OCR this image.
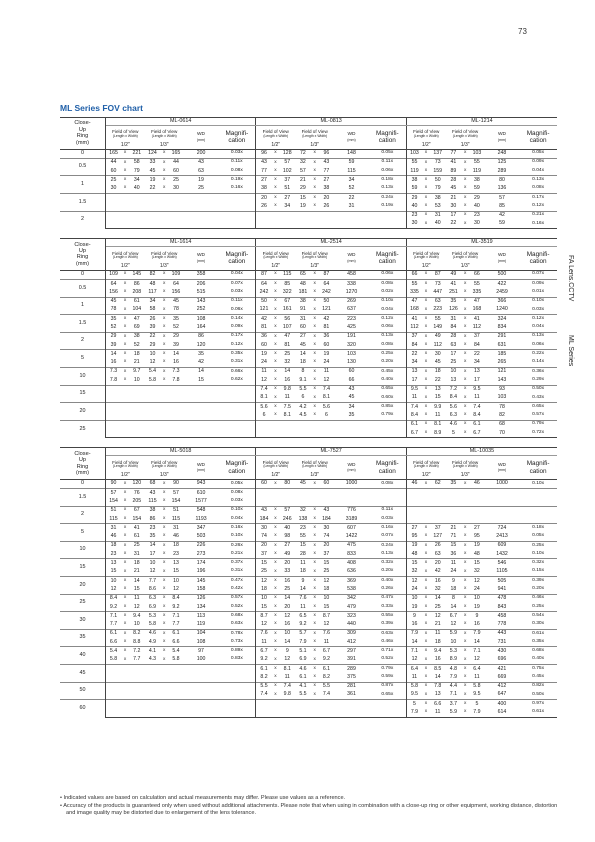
73
ML Series FOV chart
Close-
Up
Ring
(mm)	ML-0614								ML-0813								ML-1214							
	Field of View
(Length x Width)			Field of View
(Length x Width)			WD
(mm)	Magnifi-
cation	Field of View
(Length x Width)			Field of View
(Length x Width)			WD
(mm)	Magnifi-
cation	Field of View
(Length x Width)			Field of View
(Length x Width)			WD
(mm)	Magnifi-
cation
	1/2"			1/3"					1/2"			1/3"					1/2"			1/3"				
0	165	x	221	124	x	165	200	0.03x	96	x	128	72	x	96	148	0.05x	103	x	137	77	x	103	248	0.05x
0.5	44	x	58	33	x	44	43	0.11x	43	x	57	32	x	43	59	0.11x	55	x	73	41	x	55	125	0.09x
	60	x	79	45	x	60	63	0.08x	77	x	102	57	x	77	115	0.06x	119	x	159	89	x	119	289	0.04x
1	25	x	34	19	x	25	19	0.19x	27	x	37	21	x	27	34	0.18x	38	x	50	28	x	38	80	0.13x
	30	x	40	22	x	30	25	0.16x	38	x	51	29	x	38	52	0.13x	59	x	79	45	x	59	136	0.08x
1.5									20	x	27	15	x	20	22	0.24x	29	x	38	21	x	29	57	0.17x
									26	x	34	19	x	26	31	0.19x	40	x	53	30	x	40	85	0.12x
2																	23	x	31	17	x	23	42	0.21x
																	30	x	40	22	x	30	59	0.16x
Close-
Up
Ring
(mm)	ML-1614								ML-2514								ML-3519							
	Field of View
(Length x Width)			Field of View
(Length x Width)			WD
(mm)	Magnifi-
cation	Field of View
(Length x Width)			Field of View
(Length x Width)			WD
(mm)	Magnifi-
cation	Field of View
(Length x Width)			Field of View
(Length x Width)			WD
(mm)	Magnifi-
cation
	1/2"			1/3"					1/2"			1/3"					1/2"			1/3"				
0	109	x	145	82	x	109	358	0.04x	87	x	115	65	x	87	458	0.06x	66	x	87	49	x	66	500	0.07x
0.5	64	x	86	48	x	64	206	0.07x	64	x	85	48	x	64	338	0.08x	55	x	73	41	x	55	422	0.09x
	156	x	208	117	x	156	515	0.03x	242	x	322	181	x	242	1270	0.02x	335	x	447	251	x	335	2459	0.01x
1	45	x	61	34	x	45	143	0.11x	50	x	67	38	x	50	269	0.10x	47	x	63	35	x	47	366	0.10x
	78	x	104	58	x	78	252	0.06x	121	x	161	91	x	121	637	0.04x	168	x	223	126	x	168	1240	0.03x
1.5	35	x	47	26	x	35	108	0.14x	42	x	56	31	x	42	223	0.12x	41	x	55	31	x	41	324	0.12x
	52	x	69	39	x	52	164	0.09x	81	x	107	60	x	81	425	0.06x	112	x	149	84	x	112	834	0.04x
2	29	x	38	22	x	29	86	0.17x	36	x	47	27	x	36	191	0.13x	37	x	49	28	x	37	291	0.13x
	39	x	52	29	x	39	120	0.12x	60	x	81	45	x	60	320	0.08x	84	x	112	63	x	84	631	0.06x
5	14	x	18	10	x	14	35	0.35x	19	x	25	14	x	19	103	0.25x	22	x	30	17	x	22	185	0.22x
	16	x	21	12	x	16	42	0.31x	24	x	32	18	x	24	130	0.20x	34	x	45	25	x	34	265	0.14x
10	7.3	x	9.7	5.4	x	7.3	14	0.66x	11	x	14	8	x	11	60	0.45x	13	x	18	10	x	13	121	0.36x
	7.8	x	10	5.8	x	7.8	15	0.62x	12	x	16	9.1	x	12	66	0.40x	17	x	22	13	x	17	143	0.29x
15									7.4	x	9.8	5.5	x	7.4	43	0.65x	9.5	x	13	7.2	x	9.5	93	0.50x
									8.1	x	11	6	x	8.1	45	0.60x	11	x	15	8.4	x	11	103	0.43x
20									5.6	x	7.5	4.2	x	5.6	34	0.85x	7.4	x	9.9	5.6	x	7.4	78	0.65x
									6	x	8.1	4.5	x	6	35	0.79x	8.4	x	11	6.3	x	8.4	82	0.57x
25																	6.1	x	8.1	4.6	x	6.1	68	0.79x
																	6.7	x	8.9	5	x	6.7	70	0.72x
Close-
Up
Ring
(mm)	ML-5018								ML-7527								ML-10035							
	Field of View
(Length x Width)			Field of View
(Length x Width)			WD
(mm)	Magnifi-
cation	Field of View
(Length x Width)			Field of View
(Length x Width)			WD
(mm)	Magnifi-
cation	Field of View
(Length x Width)			Field of View
(Length x Width)			WD
(mm)	Magnifi-
cation
	1/2"			1/3"					1/2"			1/3"					1/2"			1/3"				
0	90	x	120	68	x	90	943	0.05x	60	x	80	45	x	60	1000	0.08x	46	x	62	35	x	46	1000	0.10x
1.5	57	x	76	43	x	57	610	0.08x																
	154	x	205	115	x	154	1577	0.03x																
2	51	x	67	38	x	51	548	0.10x	43	x	57	32	x	43	776	0.11x								
	115	x	154	86	x	115	1193	0.04x	184	x	246	138	x	184	3189	0.03x								
5	31	x	41	23	x	31	347	0.16x	30	x	40	23	x	30	607	0.16x	27	x	37	21	x	27	724	0.18x
	46	x	61	35	x	46	503	0.10x	74	x	98	55	x	74	1422	0.07x	95	x	127	71	x	95	2413	0.05x
10	18	x	25	14	x	18	226	0.26x	20	x	27	15	x	20	475	0.24x	19	x	26	15	x	19	609	0.25x
	23	x	31	17	x	23	273	0.21x	37	x	49	28	x	37	833	0.13x	48	x	63	36	x	48	1432	0.10x
15	13	x	18	10	x	13	174	0.37x	15	x	20	11	x	15	408	0.32x	15	x	20	11	x	15	546	0.32x
	15	x	21	12	x	15	196	0.31x	25	x	33	18	x	25	636	0.20x	32	x	42	24	x	32	1105	0.15x
20	10	x	14	7.7	x	10	145	0.47x	12	x	16	9	x	12	369	0.40x	12	x	16	9	x	12	505	0.39x
	12	x	15	8.6	x	12	158	0.42x	18	x	25	14	x	18	538	0.26x	24	x	32	18	x	24	941	0.20x
25	8.4	x	11	6.3	x	8.4	126	0.57x	10	x	14	7.6	x	10	342	0.47x	10	x	14	8	x	10	478	0.46x
	9.2	x	12	6.9	x	9.2	134	0.52x	15	x	20	11	x	15	479	0.33x	19	x	25	14	x	19	843	0.25x
30	7.1	x	9.4	5.3	x	7.1	113	0.68x	8.7	x	12	6.5	x	8.7	323	0.55x	9	x	12	6.7	x	9	458	0.54x
	7.7	x	10	5.8	x	7.7	119	0.63x	12	x	16	9.2	x	12	440	0.39x	16	x	21	12	x	16	778	0.30x
35	6.1	x	8.2	4.6	x	6.1	104	0.78x	7.6	x	10	5.7	x	7.6	309	0.63x	7.9	x	11	5.9	x	7.9	443	0.61x
	6.6	x	8.8	4.9	x	6.6	108	0.73x	11	x	14	7.9	x	11	412	0.46x	14	x	18	10	x	14	731	0.35x
40	5.4	x	7.2	4.1	x	5.4	97	0.89x	6.7	x	9	5.1	x	6.7	297	0.71x	7.1	x	9.4	5.3	x	7.1	430	0.68x
	5.8	x	7.7	4.3	x	5.8	100	0.83x	9.2	x	12	6.9	x	9.2	391	0.52x	12	x	16	8.9	x	12	696	0.40x
45									6.1	x	8.1	4.6	x	6.1	289	0.79x	6.4	x	8.5	4.8	x	6.4	421	0.75x
									8.2	x	11	6.1	x	8.2	375	0.59x	11	x	14	7.9	x	11	669	0.45x
50									5.5	x	7.4	4.1	x	5.5	281	0.87x	5.8	x	7.8	4.4	x	5.8	412	0.82x
									7.4	x	9.8	5.5	x	7.4	361	0.65x	9.5	x	13	7.1	x	9.5	647	0.50x
60																	5	x	6.6	3.7	x	5	400	0.97x
																	7.9	x	11	5.9	x	7.9	614	0.61x
FA Lens.CCTV
ML Series
• Indicated values are based on calculation and actual measurements may differ. Please use values as a reference.
• Accuracy of the products is guaranteed only when used without additional attachments. Please note that when using in combination with a close-up ring or other equipment, working distance, distortion and image quality may be distorted due to enlargement of the lens tolerance.
